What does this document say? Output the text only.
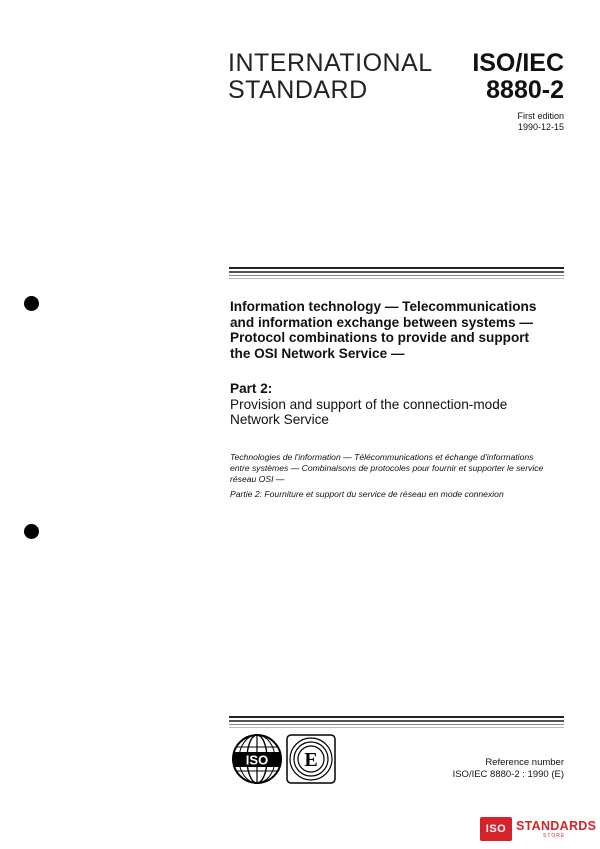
INTERNATIONAL
STANDARD
ISO/IEC
8880-2
First edition
1990-12-15
Information technology — Telecommunications
and information exchange between systems —
Protocol combinations to provide and support
the OSI Network Service —
Part 2:
Provision and support of the connection-mode
Network Service
Technologies de l'information — Télécommunications et échange d'informations
entre systèmes — Combinaisons de protocoles pour fournir et supporter le service
réseau OSI —
Partie 2: Fourniture et support du service de réseau en mode connexion
ISO E	Reference number
ISO/IEC 8880-2 : 1990 (E)
ISO STANDARDS
STORE
